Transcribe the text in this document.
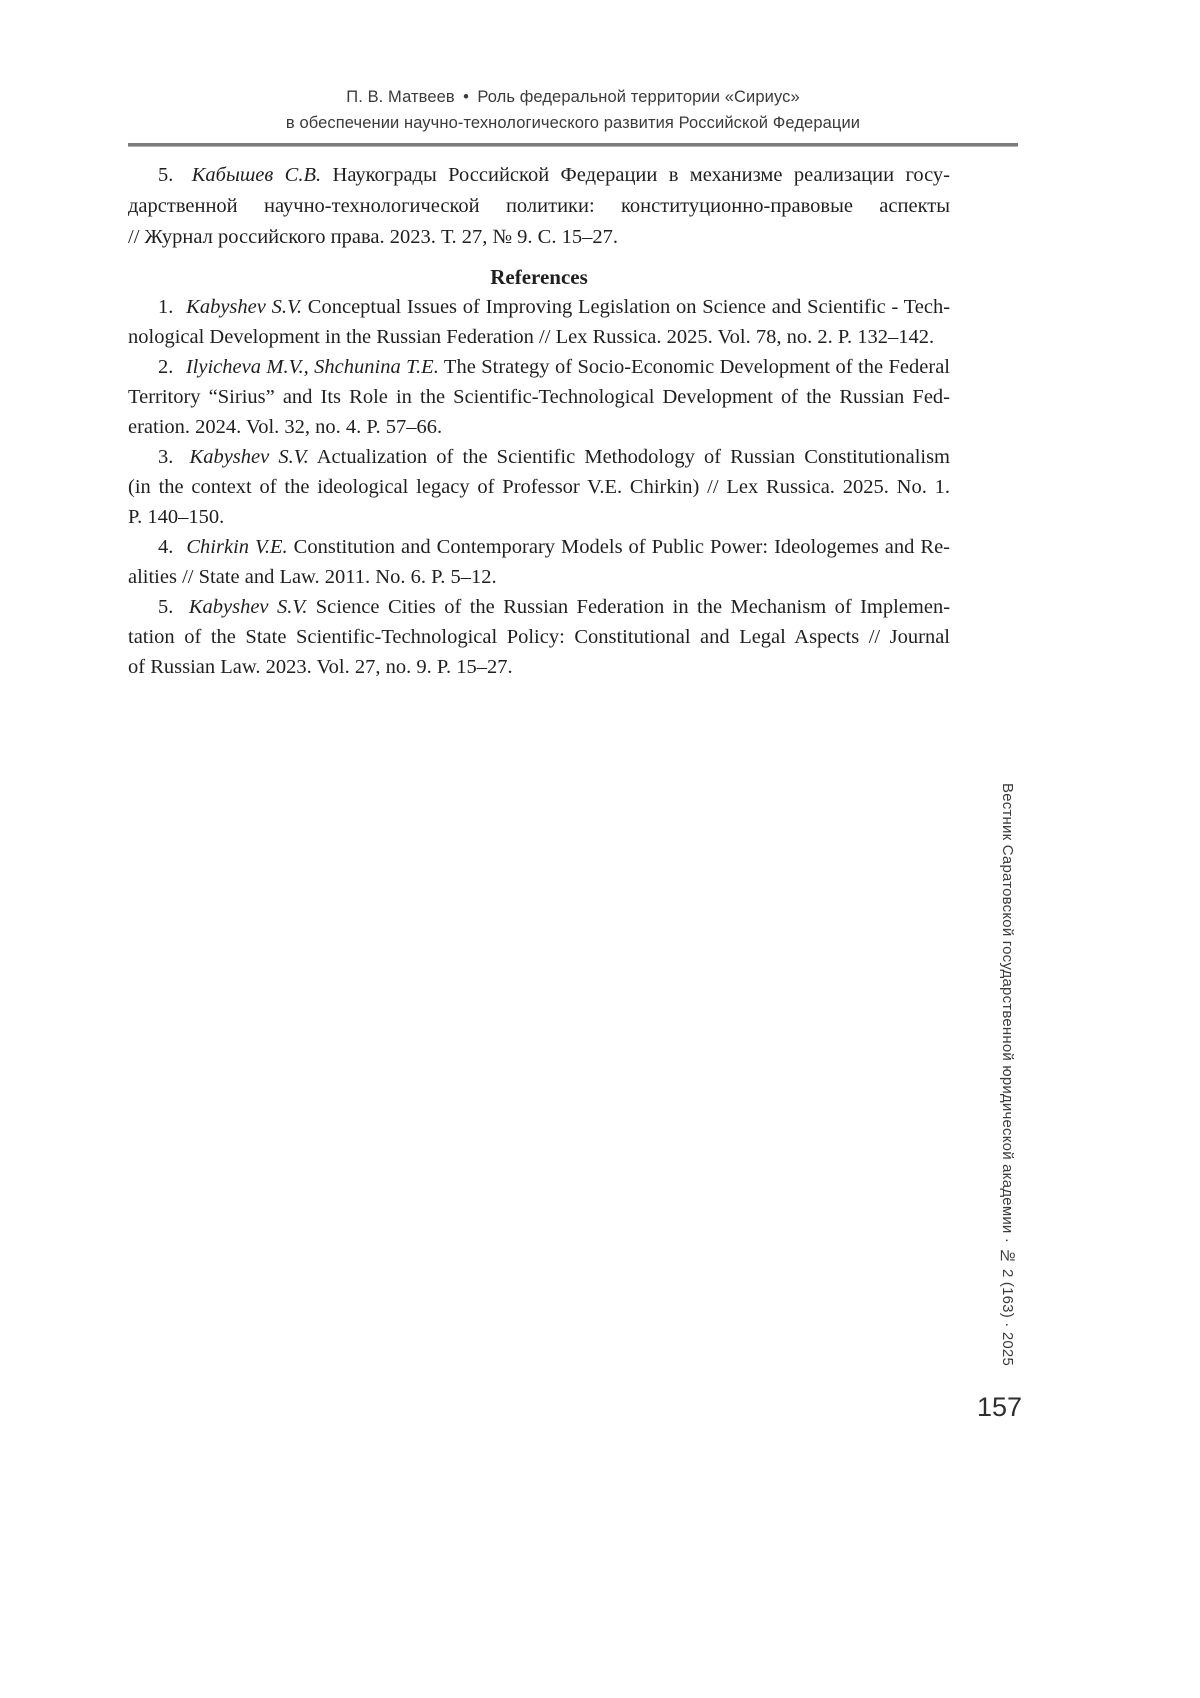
П. В. Матвеев • Роль федеральной территории «Сириус»
в обеспечении научно-технологического развития Российской Федерации
5. Кабышев С.В. Наукограды Российской Федерации в механизме реализации госу-
дарственной научно-технологической политики: конституционно-правовые аспекты
// Журнал российского права. 2023. Т. 27, № 9. С. 15–27.
References
1. Kabyshev S.V. Conceptual Issues of Improving Legislation on Science and Scientific - Tech-
nological Development in the Russian Federation // Lex Russica. 2025. Vol. 78, no. 2. P. 132–142.
2. Ilyicheva M.V., Shchunina T.E. The Strategy of Socio-Economic Development of the Federal
Territory “Sirius” and Its Role in the Scientific-Technological Development of the Russian Fed-
eration. 2024. Vol. 32, no. 4. P. 57–66.
3. Kabyshev S.V. Actualization of the Scientific Methodology of Russian Constitutionalism
(in the context of the ideological legacy of Professor V.E. Chirkin) // Lex Russica. 2025. No. 1.
P. 140–150.
4. Chirkin V.E. Constitution and Contemporary Models of Public Power: Ideologemes and Re-
alities // State and Law. 2011. No. 6. P. 5–12.
5. Kabyshev S.V. Science Cities of the Russian Federation in the Mechanism of Implemen-
tation of the State Scientific-Technological Policy: Constitutional and Legal Aspects // Journal
of Russian Law. 2023. Vol. 27, no. 9. P. 15–27.
Вестник Саратовской государственной юридической академии · № 2 (163) · 2025
157
